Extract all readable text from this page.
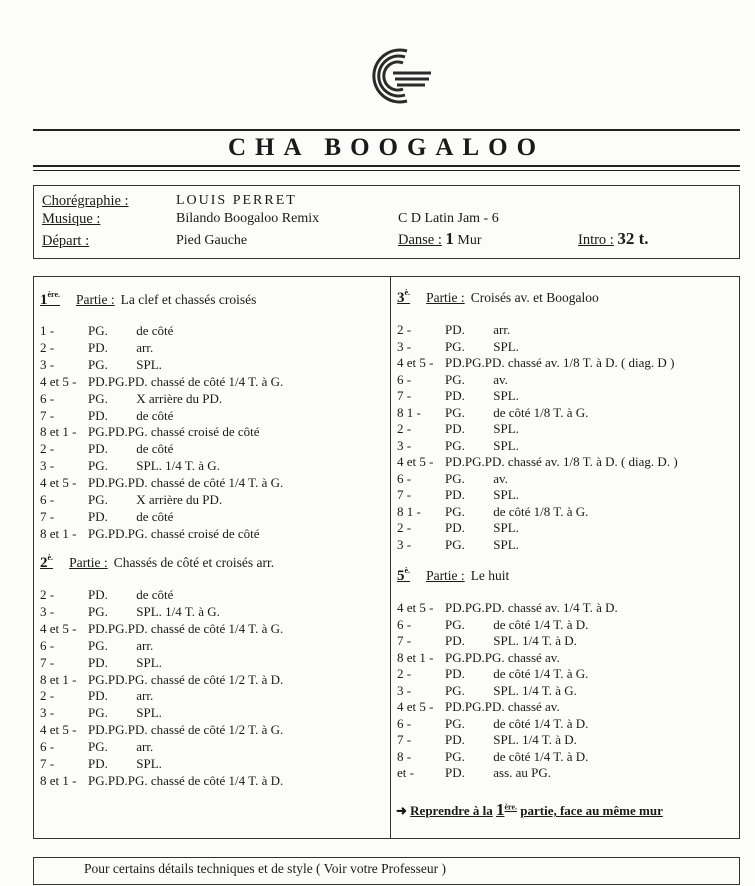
CHA BOOGALOO
Chorégraphie :	LOUIS PERRET
Musique :	Bilando Boogaloo Remix	C D Latin Jam - 6
Départ :	Pied Gauche	Danse : 1 Mur	Intro : 32 t.
$1^{ère.}$ Partie : La clef et chassés croisés
1 -	PG. de côté
2 -	PD. arr.
3 -	PG. SPL.
4 et 5 - PD.PG.PD. chassé de côté 1/4 T. à G.
6 -	PG. X arrière du PD.
7 -	PD. de côté
8 et 1 - PG.PD.PG. chassé croisé de côté
2 -	PD. de côté
3 -	PG. SPL. 1/4 T. à G.
4 et 5 - PD.PG.PD. chassé de côté 1/4 T. à G.
6 -	PG. X arrière du PD.
7 -	PD. de côté
8 et 1 - PG.PD.PG. chassé croisé de côté
$2^{è.}$ Partie : Chassés de côté et croisés arr.
2 -	PD. de côté
3 -	PG. SPL. 1/4 T. à G.
4 et 5 - PD.PG.PD. chassé de côté 1/4 T. à G.
6 -	PG. arr.
7 -	PD. SPL.
8 et 1 - PG.PD.PG. chassé de côté 1/2 T. à D.
2 -	PD. arr.
3 -	PG. SPL.
4 et 5 - PD.PG.PD. chassé de côté 1/2 T. à G.
6 -	PG. arr.
7 -	PD. SPL.
8 et 1 - PG.PD.PG. chassé de côté 1/4 T. à D.
$3^{è.}$ Partie : Croisés av. et Boogaloo
2 -	PD. arr.
3 -	PG. SPL.
4 et 5 - PD.PG.PD. chassé av. 1/8 T. à D. ( diag. D )
6 -	PG. av.
7 -	PD. SPL.
8 1 - PG. de côté 1/8 T. à G.
2 -	PD. SPL.
3 -	PG. SPL.
4 et 5 - PD.PG.PD. chassé av. 1/8 T. à D. ( diag. D. )
6 -	PG. av.
7 -	PD. SPL.
8 1 - PG. de côté 1/8 T. à G.
2 -	PD. SPL.
3 -	PG. SPL.
$5^{è.}$ Partie : Le huit
4 et 5 - PD.PG.PD. chassé av. 1/4 T. à D.
6 -	PG. de côté 1/4 T. à D.
7 -	PD. SPL. 1/4 T. à D.
8 et 1 - PG.PD.PG. chassé av.
2 -	PD. de côté 1/4 T. à G.
3 -	PG. SPL. 1/4 T. à G.
4 et 5 - PD.PG.PD. chassé av.
6 -	PG. de côté 1/4 T. à D.
7 -	PD. SPL. 1/4 T. à D.
8 -	PG. de côté 1/4 T. à D.
et - PD. ass. au PG.
➜ Reprendre à la $1^{ère.}$ partie, face au même mur
Pour certains détails techniques et de style ( Voir votre Professeur )
